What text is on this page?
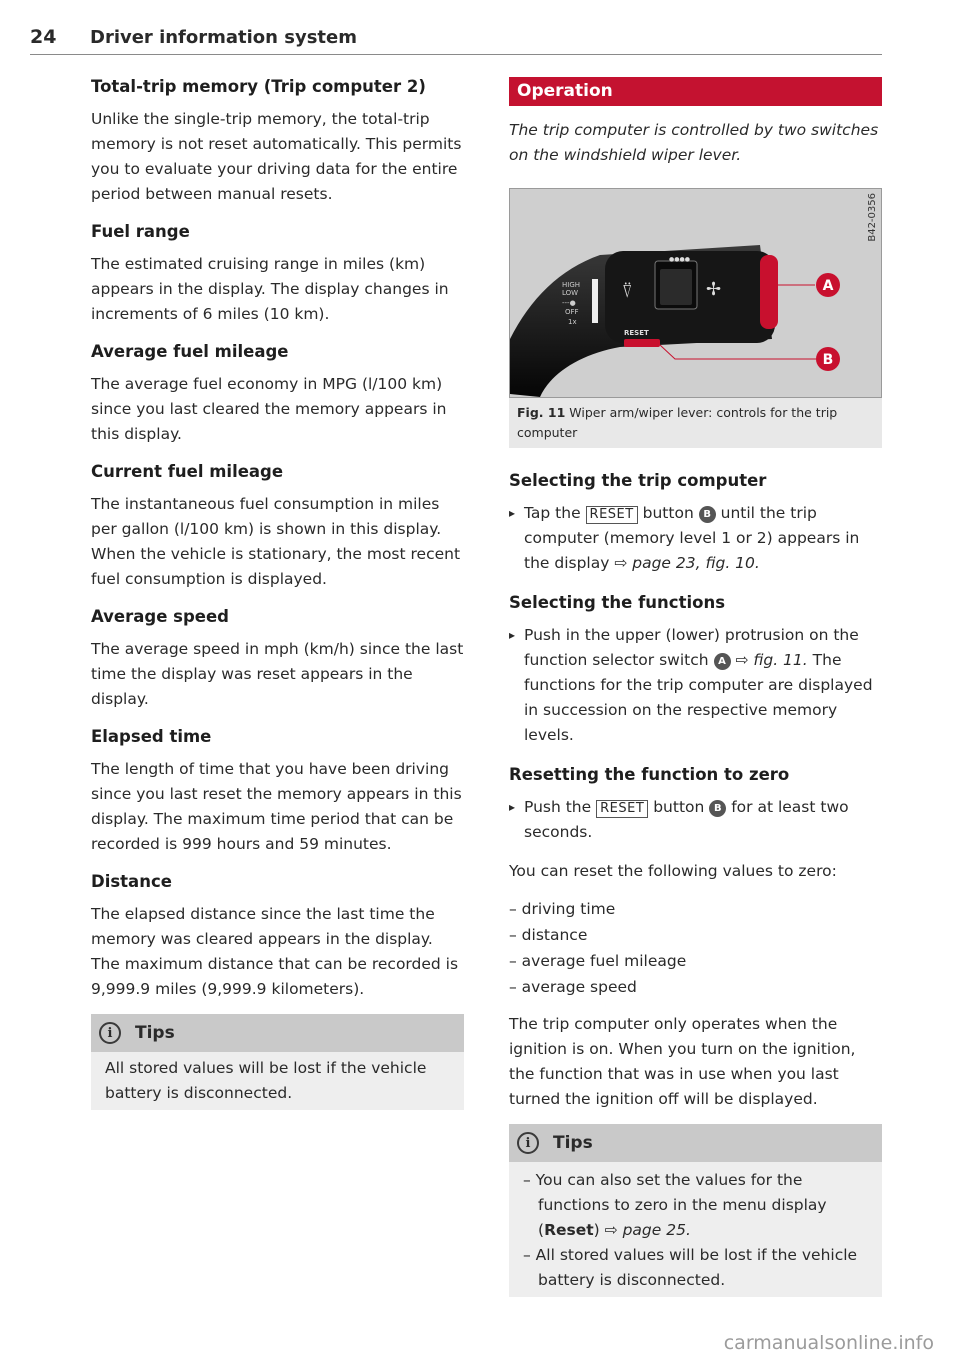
24 Driver information system
Total-trip memory (Trip computer 2)

Unlike the single-trip memory, the total-trip memory is not reset automatically. This permits you to evaluate your driving data for the entire period between manual resets.

Fuel range

The estimated cruising range in miles (km) appears in the display. The display changes in increments of 6 miles (10 km).

Average fuel mileage

The average fuel economy in MPG (l/100 km) since you last cleared the memory appears in this display.

Current fuel mileage

The instantaneous fuel consumption in miles per gallon (l/100 km) is shown in this display. When the vehicle is stationary, the most recent fuel consumption is displayed.

Average speed

The average speed in mph (km/h) since the last time the display was reset appears in the display.

Elapsed time

The length of time that you have been driving since you last reset the memory appears in this display. The maximum time period that can be recorded is 999 hours and 59 minutes.

Distance

The elapsed distance since the last time the memory was cleared appears in the display. The maximum distance that can be recorded is 9,999.9 miles (9,999.9 kilometers).

i	Tips
All stored values will be lost if the vehicle battery is disconnected.
Operation

The trip computer is controlled by two switches on the windshield wiper lever.

⍢	✢
HIGH
LOW
---●
OFF
1x
●●●●
RESET
A
B
B42-0356
Fig. 11 Wiper arm/wiper lever: controls for the trip computer
Selecting the trip computer
▸ Tap the RESET button B until the trip computer (memory level 1 or 2) appears in the display ⇨ page 23, fig. 10.
Selecting the functions
▸ Push in the upper (lower) protrusion on the function selector switch A ⇨ fig. 11. The functions for the trip computer are displayed in succession on the respective memory levels.
Resetting the function to zero
▸ Push the RESET button B for at least two seconds.

You can reset the following values to zero:

– driving time
– distance
– average fuel mileage
– average speed

The trip computer only operates when the ignition is on. When you turn on the ignition, the function that was in use when you last turned the ignition off will be displayed.

i	Tips
– You can also set the values for the functions to zero in the menu display (Reset) ⇨ page 25.
– All stored values will be lost if the vehicle battery is disconnected.
carmanualsonline.info
